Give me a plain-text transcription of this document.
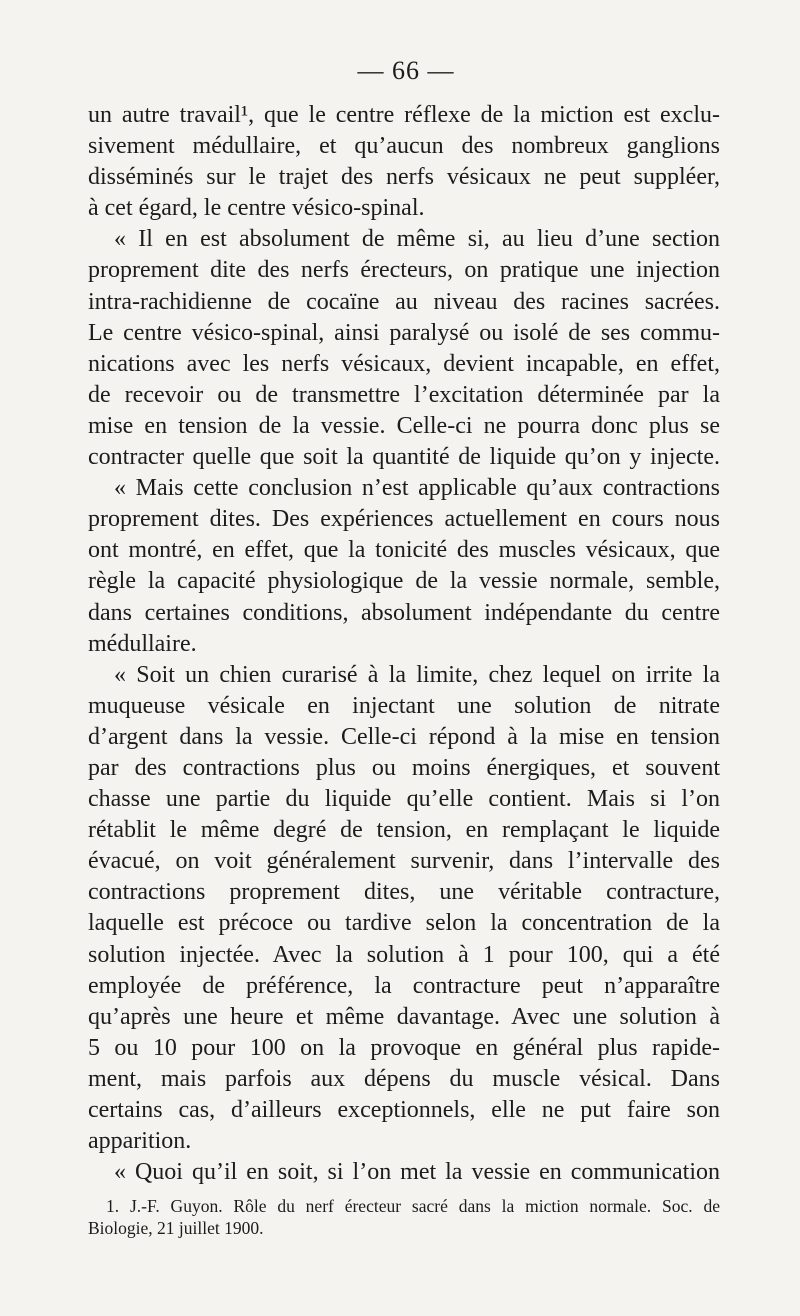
— 66 —
un autre travail¹, que le centre réflexe de la miction est exclu-
sivement médullaire, et qu’aucun des nombreux ganglions
disséminés sur le trajet des nerfs vésicaux ne peut suppléer,
à cet égard, le centre vésico-spinal.
« Il en est absolument de même si, au lieu d’une section
proprement dite des nerfs érecteurs, on pratique une injection
intra-rachidienne de cocaïne au niveau des racines sacrées.
Le centre vésico-spinal, ainsi paralysé ou isolé de ses commu-
nications avec les nerfs vésicaux, devient incapable, en effet,
de recevoir ou de transmettre l’excitation déterminée par la
mise en tension de la vessie. Celle-ci ne pourra donc plus se
contracter quelle que soit la quantité de liquide qu’on y injecte.
« Mais cette conclusion n’est applicable qu’aux contractions
proprement dites. Des expériences actuellement en cours nous
ont montré, en effet, que la tonicité des muscles vésicaux, que
règle la capacité physiologique de la vessie normale, semble,
dans certaines conditions, absolument indépendante du centre
médullaire.
« Soit un chien curarisé à la limite, chez lequel on irrite la
muqueuse vésicale en injectant une solution de nitrate
d’argent dans la vessie. Celle-ci répond à la mise en tension
par des contractions plus ou moins énergiques, et souvent
chasse une partie du liquide qu’elle contient. Mais si l’on
rétablit le même degré de tension, en remplaçant le liquide
évacué, on voit généralement survenir, dans l’intervalle des
contractions proprement dites, une véritable contracture,
laquelle est précoce ou tardive selon la concentration de la
solution injectée. Avec la solution à 1 pour 100, qui a été
employée de préférence, la contracture peut n’apparaître
qu’après une heure et même davantage. Avec une solution à
5 ou 10 pour 100 on la provoque en général plus rapide-
ment, mais parfois aux dépens du muscle vésical. Dans
certains cas, d’ailleurs exceptionnels, elle ne put faire son
apparition.
« Quoi qu’il en soit, si l’on met la vessie en communication
1. J.-F. Guyon. Rôle du nerf érecteur sacré dans la miction normale. Soc. de
Biologie, 21 juillet 1900.
